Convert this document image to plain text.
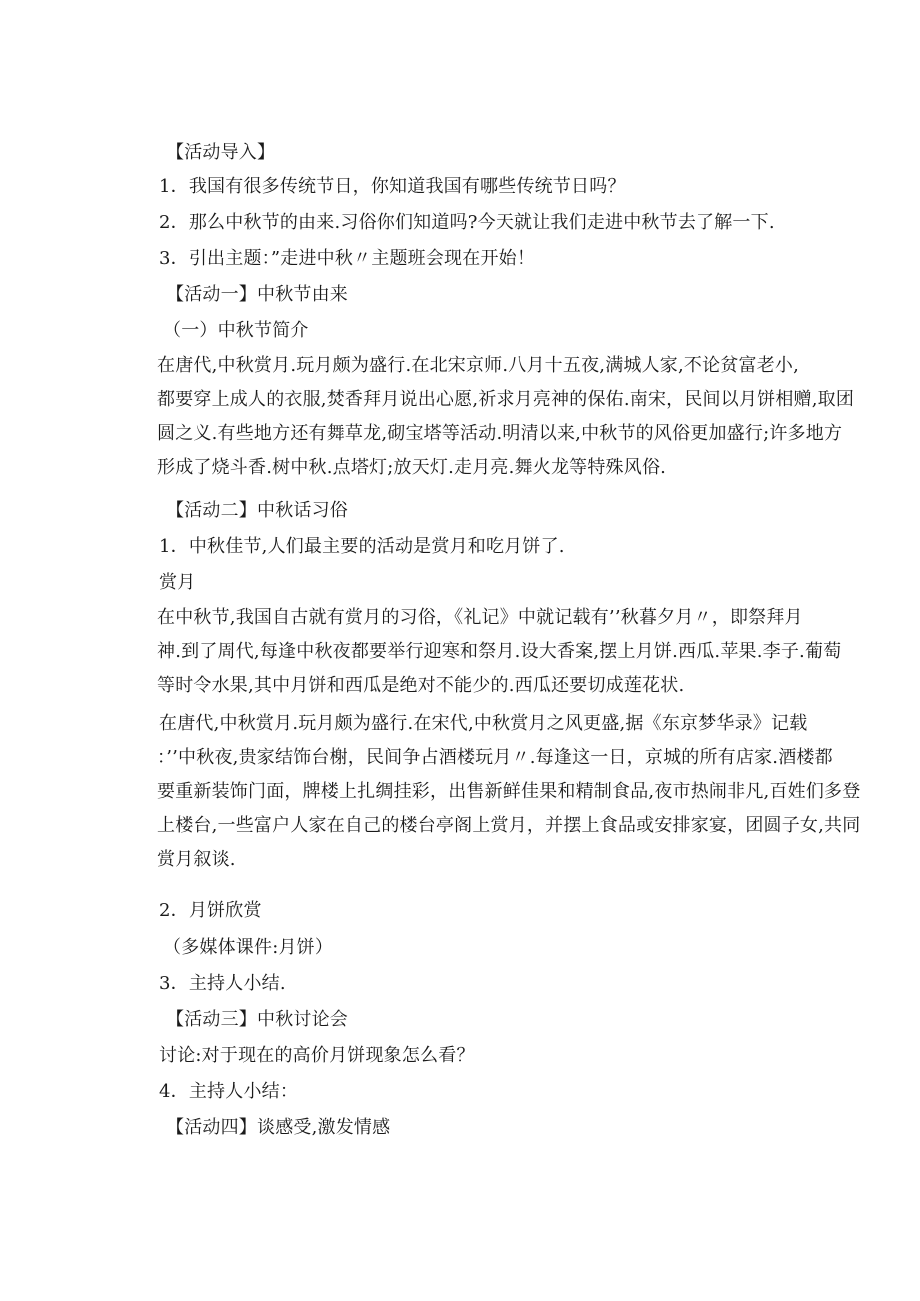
【活动导入】
1．我国有很多传统节日，你知道我国有哪些传统节日吗？
2．那么中秋节的由来.习俗你们知道吗?今天就让我们走进中秋节去了解一下.
3．引出主题：”走进中秋〃主题班会现在开始！
【活动一】中秋节由来
（一）中秋节简介
在唐代,中秋赏月.玩月颇为盛行.在北宋京师.八月十五夜,满城人家,不论贫富老小,
都要穿上成人的衣服,焚香拜月说出心愿,祈求月亮神的保佑.南宋，民间以月饼相赠,取团
圆之义.有些地方还有舞草龙,砌宝塔等活动.明清以来,中秋节的风俗更加盛行;许多地方
形成了烧斗香.树中秋.点塔灯;放天灯.走月亮.舞火龙等特殊风俗.
【活动二】中秋话习俗
1．中秋佳节,人们最主要的活动是赏月和吃月饼了.
赏月
在中秋节,我国自古就有赏月的习俗，《礼记》中就记载有’’秋暮夕月〃，即祭拜月
神.到了周代,每逢中秋夜都要举行迎寒和祭月.设大香案,摆上月饼.西瓜.苹果.李子.葡萄
等时令水果,其中月饼和西瓜是绝对不能少的.西瓜还要切成莲花状.
在唐代,中秋赏月.玩月颇为盛行.在宋代,中秋赏月之风更盛,据《东京梦华录》记载
：’’中秋夜,贵家结饰台榭，民间争占酒楼玩月〃.每逢这一日，京城的所有店家.酒楼都
要重新装饰门面，牌楼上扎绸挂彩，出售新鲜佳果和精制食品,夜市热闹非凡,百姓们多登
上楼台,一些富户人家在自己的楼台亭阁上赏月，并摆上食品或安排家宴，团圆子女,共同
赏月叙谈.
2．月饼欣赏
（多媒体课件:月饼）
3．主持人小结.
【活动三】中秋讨论会
讨论:对于现在的高价月饼现象怎么看？
4．主持人小结：
【活动四】谈感受,激发情感
